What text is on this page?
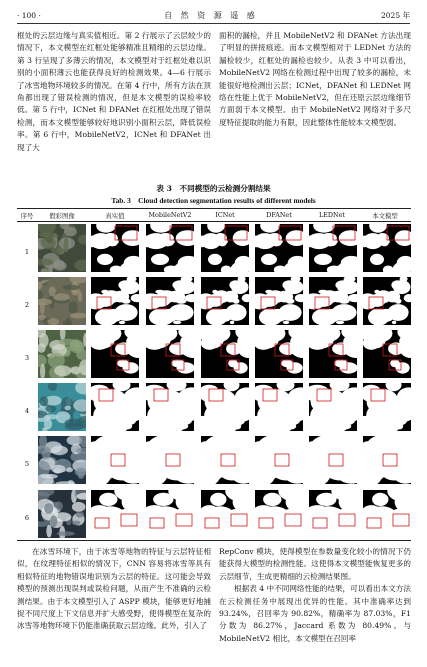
· 100 ·	自 然 资 源 遥 感	2025 年

框处的云层边缘与真实值相近。第 2 行展示了云层较少的情况下，本文模型在红框处能够精准且精细的云层边缘。第 3 行呈现了多薄云的情况，本文模型对于红框处难以识别的小面积薄云也能获得良好的检测效果。4—6 行展示了冰雪地物环境较多的情况。在第 4 行中，所有方法在顶角都出现了错误检测的情况，但是本文模型的误检率较低。第 5 行中，ICNet 和 DFANet 在红框处出现了错误检测，而本文模型能够较好地识别小面积云层，降低误检率。第 6 行中，MobileNetV2，ICNet 和 DFANet 出现了大

面积的漏检，并且 MobileNetV2 和 DFANet 方法出现了明显的拼接痕迹。而本文模型相对于 LEDNet 方法的漏检较少，红框处的漏检也较少。从表 3 中可以看出，MobileNetV2 网络在检测过程中出现了较多的漏检，未能很好地检测出云层；ICNet，DFANet 和 LEDNet 网络在性能上优于 MobileNetV2，但在还原云层边缘细节方面弱于本文模型。由于 MobileNetV2 网络对于多尺度特征提取的能力有限，因此整体性能较本文模型弱。

表 3　不同模型的云检测分割结果
Tab. 3　Cloud detection segmentation results of different models
序号	假彩图像	真实值	MobileNetV2	ICNet	DFANet	LEDNet	本文模型
1
2
3
4
5
6

在冰雪环境下，由于冰雪等地物的特征与云层特征相似，在纹理特征相似的情况下，CNN 容易将冰雪等具有相似特征的地物错误地识别为云层的特征。这可能会导致模型的预测出现误判或误检问题，从而产生不准确的云检测结果。由于本文模型引入了 ASPP 模块，能够更好地捕捉不同尺度上下文信息并扩大感受野，使得模型在复杂的冰雪等地物环境下仍能准确获取云层边缘。此外，引入了

RepConv 模块，使得模型在参数量变化较小的情况下仍能获得大模型的检测性能。这使得本文模型能恢复更多的云层细节，生成更精细的云检测结果图。

根据表 4 中不同网络性能的结果，可以看出本文方法在云检测任务中展现出优异的性能。其中准确率达到 93.24%，召回率为 90.82%，精确率为 87.03%，F1 分数为 86.27%，Jaccard 系数为 80.49%。与 MobileNetV2 相比，本文模型在召回率
